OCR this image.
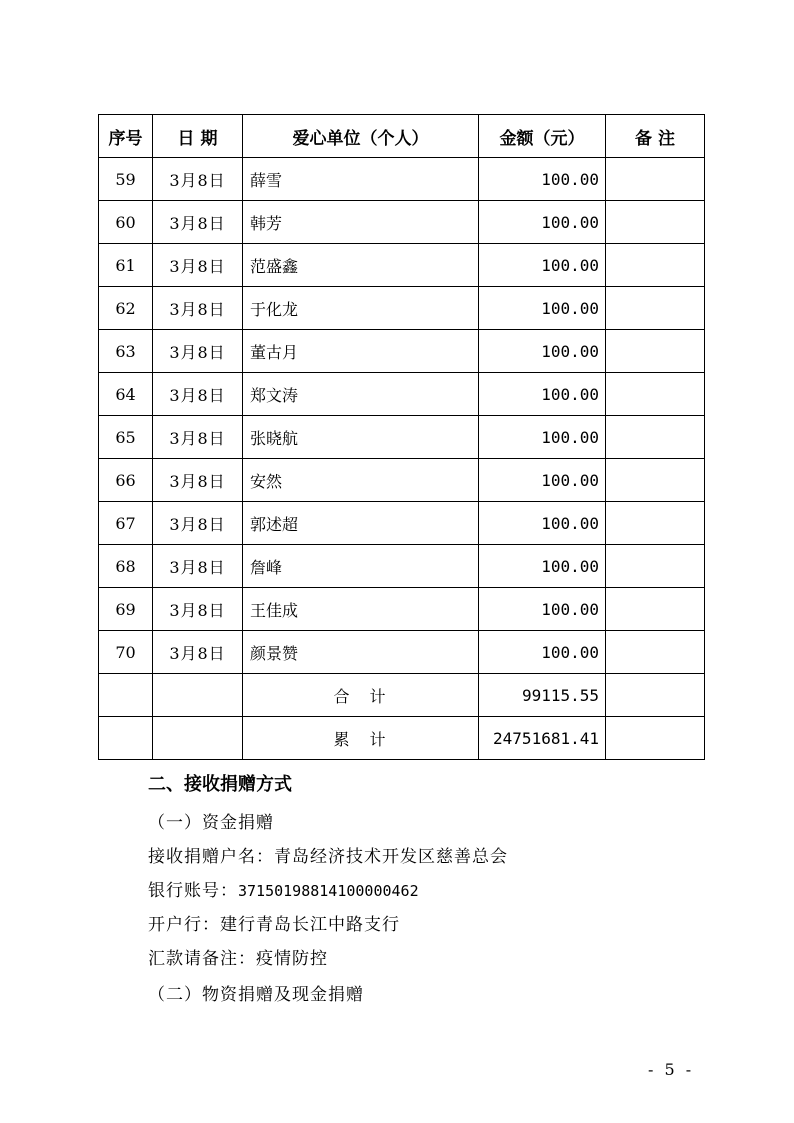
序号	日 期	爱心单位（个人）	金额（元）	备 注
59	3月8日	薛雪	100.00	
60	3月8日	韩芳	100.00	
61	3月8日	范盛鑫	100.00	
62	3月8日	于化龙	100.00	
63	3月8日	董古月	100.00	
64	3月8日	郑文涛	100.00	
65	3月8日	张晓航	100.00	
66	3月8日	安然	100.00	
67	3月8日	郭述超	100.00	
68	3月8日	詹峰	100.00	
69	3月8日	王佳成	100.00	
70	3月8日	颜景赞	100.00	
		合　计	99115.55	
		累　计	24751681.41	
二、接收捐赠方式
（一）资金捐赠
接收捐赠户名：青岛经济技术开发区慈善总会
银行账号：37150198814100000462
开户行：建行青岛长江中路支行
汇款请备注：疫情防控
（二）物资捐赠及现金捐赠
- 5 -
